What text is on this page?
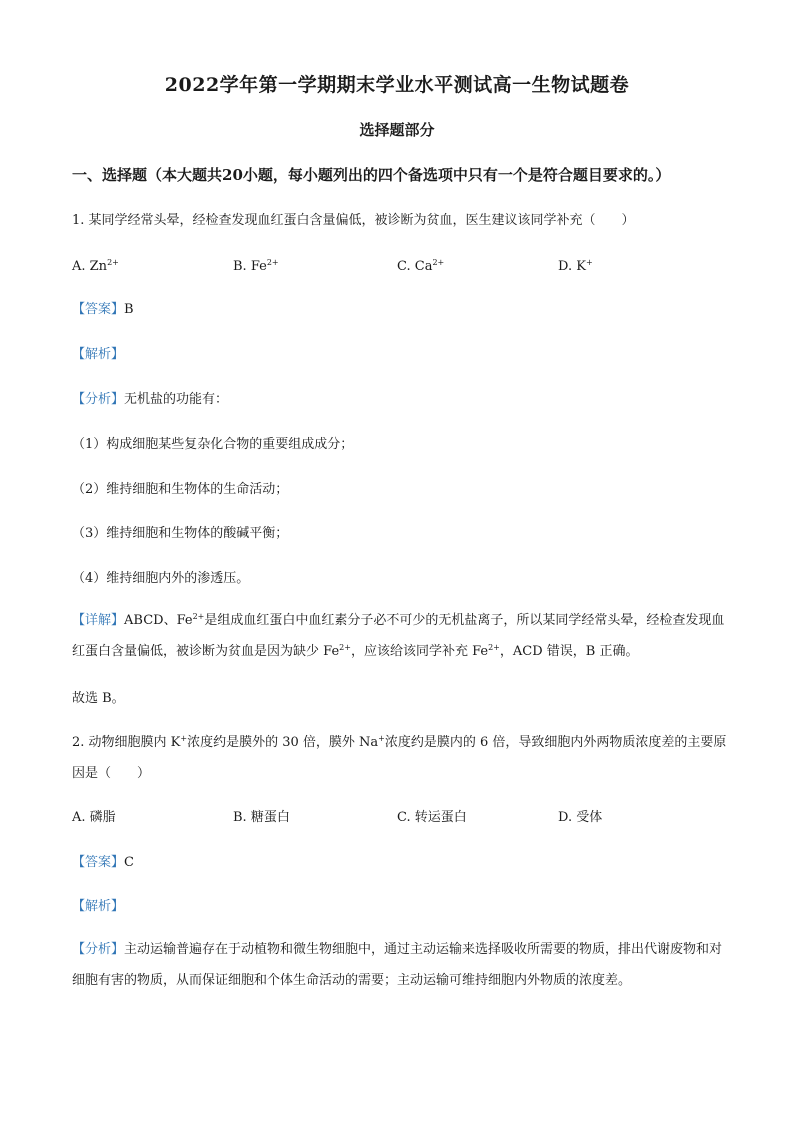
2022学年第一学期期末学业水平测试高一生物试题卷
选择题部分
一、选择题（本大题共20小题，每小题列出的四个备选项中只有一个是符合题目要求的。）
1. 某同学经常头晕，经检查发现血红蛋白含量偏低，被诊断为贫血，医生建议该同学补充（　　）
A. $Zn^{2+}$	B. $Fe^{2+}$	C. $Ca^{2+}$	D. K+
【答案】B
【解析】
【分析】无机盐的功能有：
（1）构成细胞某些复杂化合物的重要组成成分；
（2）维持细胞和生物体的生命活动；
（3）维持细胞和生物体的酸碱平衡；
（4）维持细胞内外的渗透压。
【详解】ABCD、$Fe^{2+}$是组成血红蛋白中血红素分子必不可少的无机盐离子，所以某同学经常头晕，经检查发现血红蛋白含量偏低，被诊断为贫血是因为缺少 $Fe^{2+}$，应该给该同学补充 $Fe^{2+}$，ACD 错误，B 正确。
故选 B。
2. 动物细胞膜内 K+浓度约是膜外的 30 倍，膜外 Na+浓度约是膜内的 6 倍，导致细胞内外两物质浓度差的主要原因是（　　）
A. 磷脂	B. 糖蛋白	C. 转运蛋白	D. 受体
【答案】C
【解析】
【分析】主动运输普遍存在于动植物和微生物细胞中，通过主动运输来选择吸收所需要的物质，排出代谢废物和对细胞有害的物质，从而保证细胞和个体生命活动的需要；主动运输可维持细胞内外物质的浓度差。
